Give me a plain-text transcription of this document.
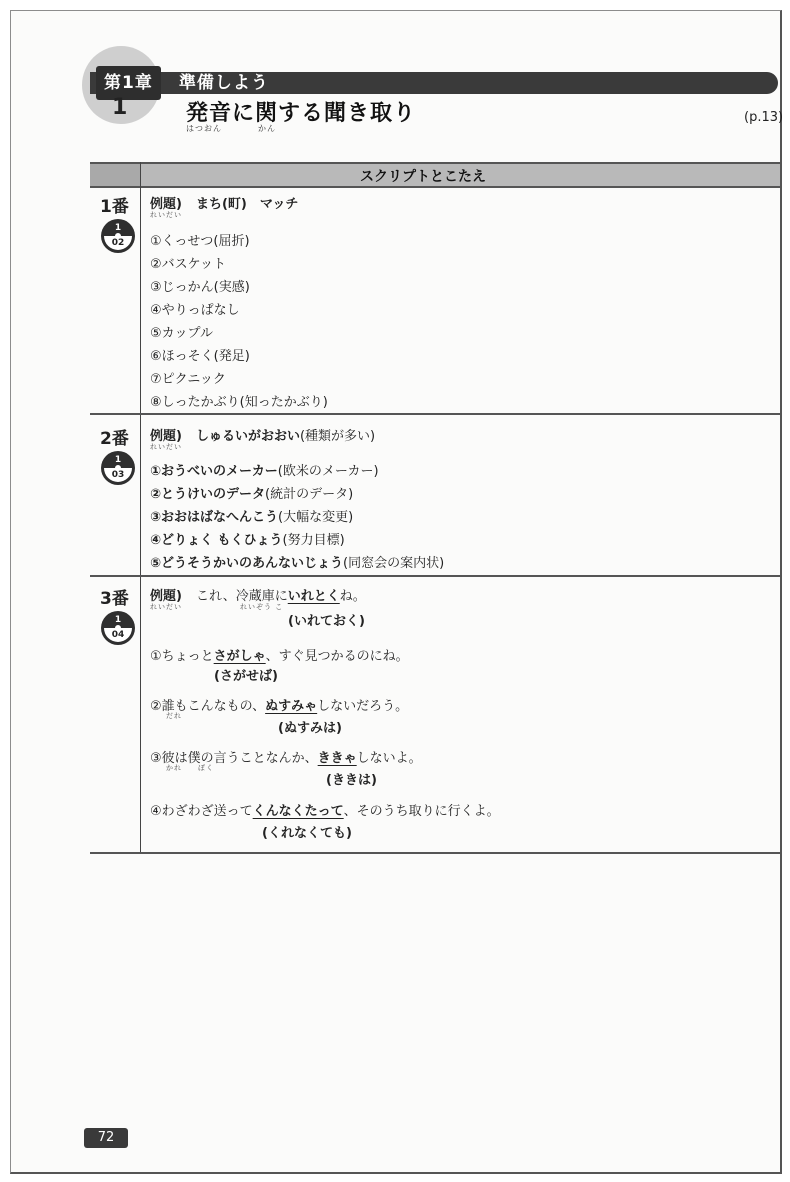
第1章 準備しよう
1	発音に関する聞き取り
はつおん	かん
(p.13)
スクリプトとこたえ
1番
1
02
例題) まち(町)　マッチ
れいだい
①くっせつ(屈折)
②バスケット
③じっかん(実感)
④やりっぱなし
⑤カップル
⑥ほっそく(発足)
⑦ピクニック
⑧しったかぶり(知ったかぶり)
2番
1
03
例題) しゅるいがおおい(種類が多い)
れいだい
①おうべいのメーカー(欧米のメーカー)
②とうけいのデータ(統計のデータ)
③おおはばなへんこう(大幅な変更)
④どりょく もくひょう(努力目標)
⑤どうそうかいのあんないじょう(同窓会の案内状)
3番
1
04
例題) これ、冷蔵庫にいれとくね。
れいだい	れいぞう こ
(いれておく)
①ちょっとさがしゃ、すぐ見つかるのにね。
(さがせば)
②誰もこんなもの、ぬすみゃしないだろう。
だれ
(ぬすみは)
③彼は僕の言うことなんか、ききゃしないよ。
かれ　　ぼく
(ききは)
④わざわざ送ってくんなくたって、そのうち取りに行くよ。
(くれなくても)
72
